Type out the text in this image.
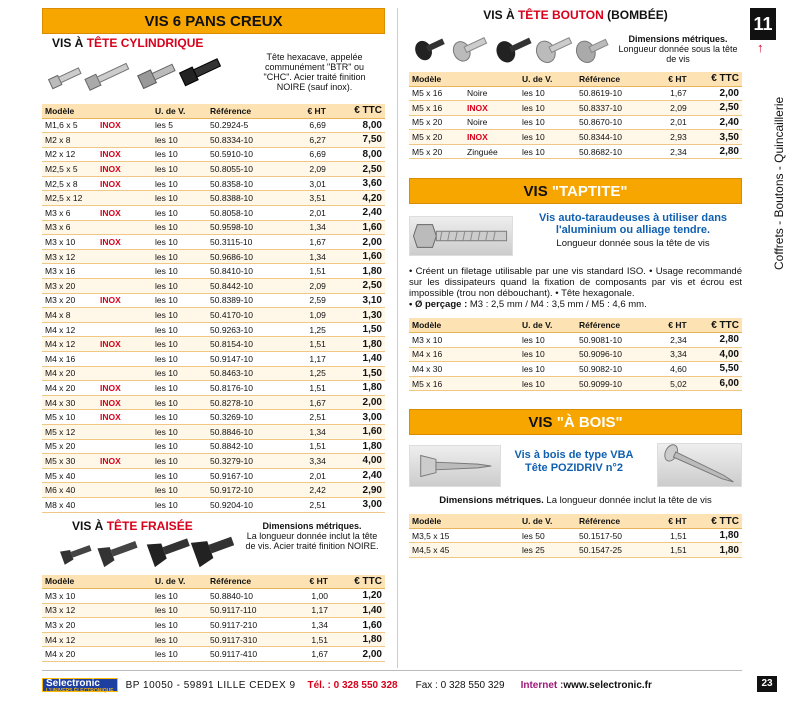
VIS 6 PANS CREUX
VIS À TÊTE CYLINDRIQUE
Tête hexacave, appelée communément "BTR" ou "CHC". Acier traité finition NOIRE (sauf inox).
Modèle		U. de V.	Référence	€ HT	€ TTC
M1,6 x 5	INOX	les 5	50.2924-5	6,69	8,00
M2 x 8		les 10	50.8334-10	6,27	7,50
M2 x 12	INOX	les 10	50.5910-10	6,69	8,00
M2,5 x 5	INOX	les 10	50.8055-10	2,09	2,50
M2,5 x 8	INOX	les 10	50.8358-10	3,01	3,60
M2,5 x 12		les 10	50.8388-10	3,51	4,20
M3 x 6	INOX	les 10	50.8058-10	2,01	2,40
M3 x 6		les 10	50.9598-10	1,34	1,60
M3 x 10	INOX	les 10	50.3115-10	1,67	2,00
M3 x 12		les 10	50.9686-10	1,34	1,60
M3 x 16		les 10	50.8410-10	1,51	1,80
M3 x 20		les 10	50.8442-10	2,09	2,50
M3 x 20	INOX	les 10	50.8389-10	2,59	3,10
M4 x 8		les 10	50.4170-10	1,09	1,30
M4 x 12		les 10	50.9263-10	1,25	1,50
M4 x 12	INOX	les 10	50.8154-10	1,51	1,80
M4 x 16		les 10	50.9147-10	1,17	1,40
M4 x 20		les 10	50.8463-10	1,25	1,50
M4 x 20	INOX	les 10	50.8176-10	1,51	1,80
M4 x 30	INOX	les 10	50.8278-10	1,67	2,00
M5 x 10	INOX	les 10	50.3269-10	2,51	3,00
M5 x 12		les 10	50.8846-10	1,34	1,60
M5 x 20		les 10	50.8842-10	1,51	1,80
M5 x 30	INOX	les 10	50.3279-10	3,34	4,00
M5 x 40		les 10	50.9167-10	2,01	2,40
M6 x 40		les 10	50.9172-10	2,42	2,90
M8 x 40		les 10	50.9204-10	2,51	3,00
VIS À TÊTE FRAISÉE	Dimensions métriques.
La longueur donnée inclut la tête de vis. Acier traité finition NOIRE.
Modèle	U. de V.	Référence	€ HT	€ TTC
M3 x 10	les 10	50.8840-10	1,00	1,20
M3 x 12	les 10	50.9117-110	1,17	1,40
M3 x 20	les 10	50.9117-210	1,34	1,60
M4 x 12	les 10	50.9117-310	1,51	1,80
M4 x 20	les 10	50.9117-410	1,67	2,00
VIS À TÊTE BOUTON (BOMBÉE)
Dimensions métriques.
Longueur donnée sous la tête de vis
Modèle		U. de V.	Référence	€ HT	€ TTC
M5 x 16	Noire	les 10	50.8619-10	1,67	2,00
M5 x 16	INOX	les 10	50.8337-10	2,09	2,50
M5 x 20	Noire	les 10	50.8670-10	2,01	2,40
M5 x 20	INOX	les 10	50.8344-10	2,93	3,50
M5 x 20	Zinguée	les 10	50.8682-10	2,34	2,80
VIS "TAPTITE"
Vis auto-taraudeuses à utiliser dans l'aluminium ou alliage tendre.
Longueur donnée sous la tête de vis
• Créent un filetage utilisable par une vis standard ISO. • Usage recommandé sur les dissipateurs quand la fixation de composants par vis et écrou est impossible (trou non débouchant). • Tête hexagonale.
• Ø perçage : M3 : 2,5 mm / M4 : 3,5 mm / M5 : 4,6 mm.
Modèle	U. de V.	Référence	€ HT	€ TTC
M3 x 10	les 10	50.9081-10	2,34	2,80
M4 x 16	les 10	50.9096-10	3,34	4,00
M4 x 30	les 10	50.9082-10	4,60	5,50
M5 x 16	les 10	50.9099-10	5,02	6,00
VIS "À BOIS"
Vis à bois de type VBA
Tête POZIDRIV n°2
Dimensions métriques. La longueur donnée inclut la tête de vis
Modèle	U. de V.	Référence	€ HT	€ TTC
M3,5 x 15	les 50	50.1517-50	1,51	1,80
M4,5 x 45	les 25	50.1547-25	1,51	1,80
11
↑
Coffrets - Boutons - Quincaillerie
Selectronic
L'UNIVERS ÉLECTRONIQUE
BP 10050 - 59891 LILLE CEDEX 9 Tél. : 0 328 550 328 Fax : 0 328 550 329 Internet : www.selectronic.fr	23
